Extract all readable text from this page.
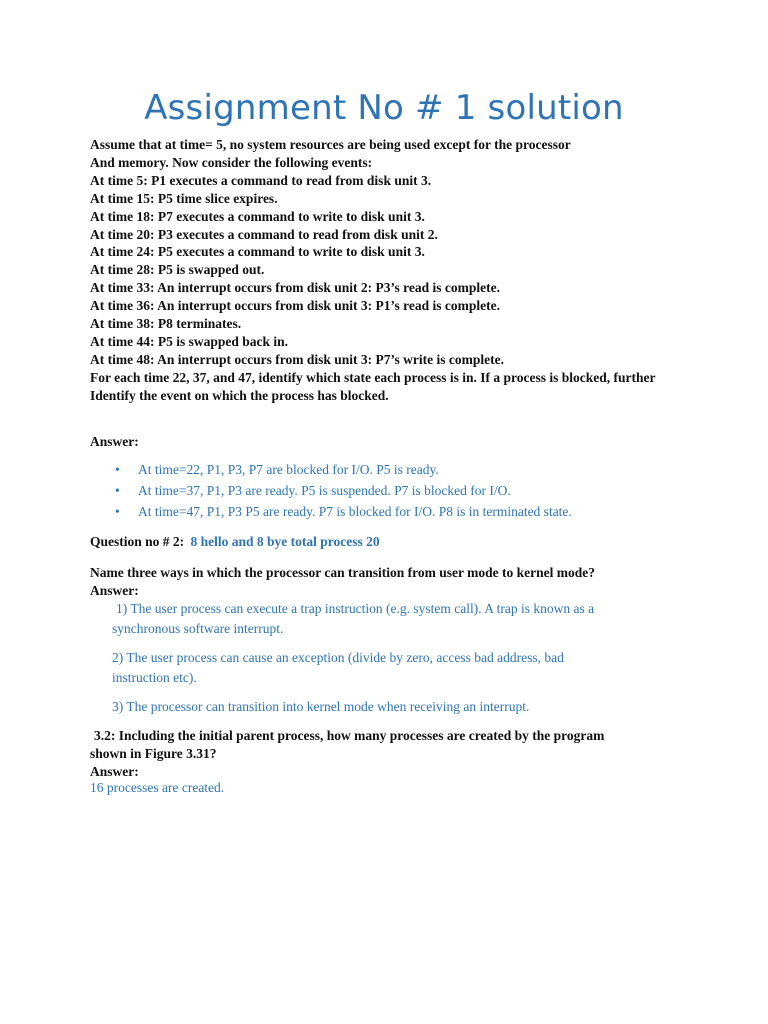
Assignment No # 1 solution
Assume that at time= 5, no system resources are being used except for the processor
And memory. Now consider the following events:
At time 5: P1 executes a command to read from disk unit 3.
At time 15: P5 time slice expires.
At time 18: P7 executes a command to write to disk unit 3.
At time 20: P3 executes a command to read from disk unit 2.
At time 24: P5 executes a command to write to disk unit 3.
At time 28: P5 is swapped out.
At time 33: An interrupt occurs from disk unit 2: P3’s read is complete.
At time 36: An interrupt occurs from disk unit 3: P1’s read is complete.
At time 38: P8 terminates.
At time 44: P5 is swapped back in.
At time 48: An interrupt occurs from disk unit 3: P7’s write is complete.
For each time 22, 37, and 47, identify which state each process is in. If a process is blocked, further
Identify the event on which the process has blocked.
Answer:
• At time=22, P1, P3, P7 are blocked for I/O. P5 is ready.
• At time=37, P1, P3 are ready. P5 is suspended. P7 is blocked for I/O.
• At time=47, P1, P3 P5 are ready. P7 is blocked for I/O. P8 is in terminated state.
Question no # 2: 8 hello and 8 bye total process 20
Name three ways in which the processor can transition from user mode to kernel mode?
Answer:
1) The user process can execute a trap instruction (e.g. system call). A trap is known as a
synchronous software interrupt.
2) The user process can cause an exception (divide by zero, access bad address, bad
instruction etc).
3) The processor can transition into kernel mode when receiving an interrupt.
3.2: Including the initial parent process, how many processes are created by the program
shown in Figure 3.31?
Answer:
16 processes are created.
